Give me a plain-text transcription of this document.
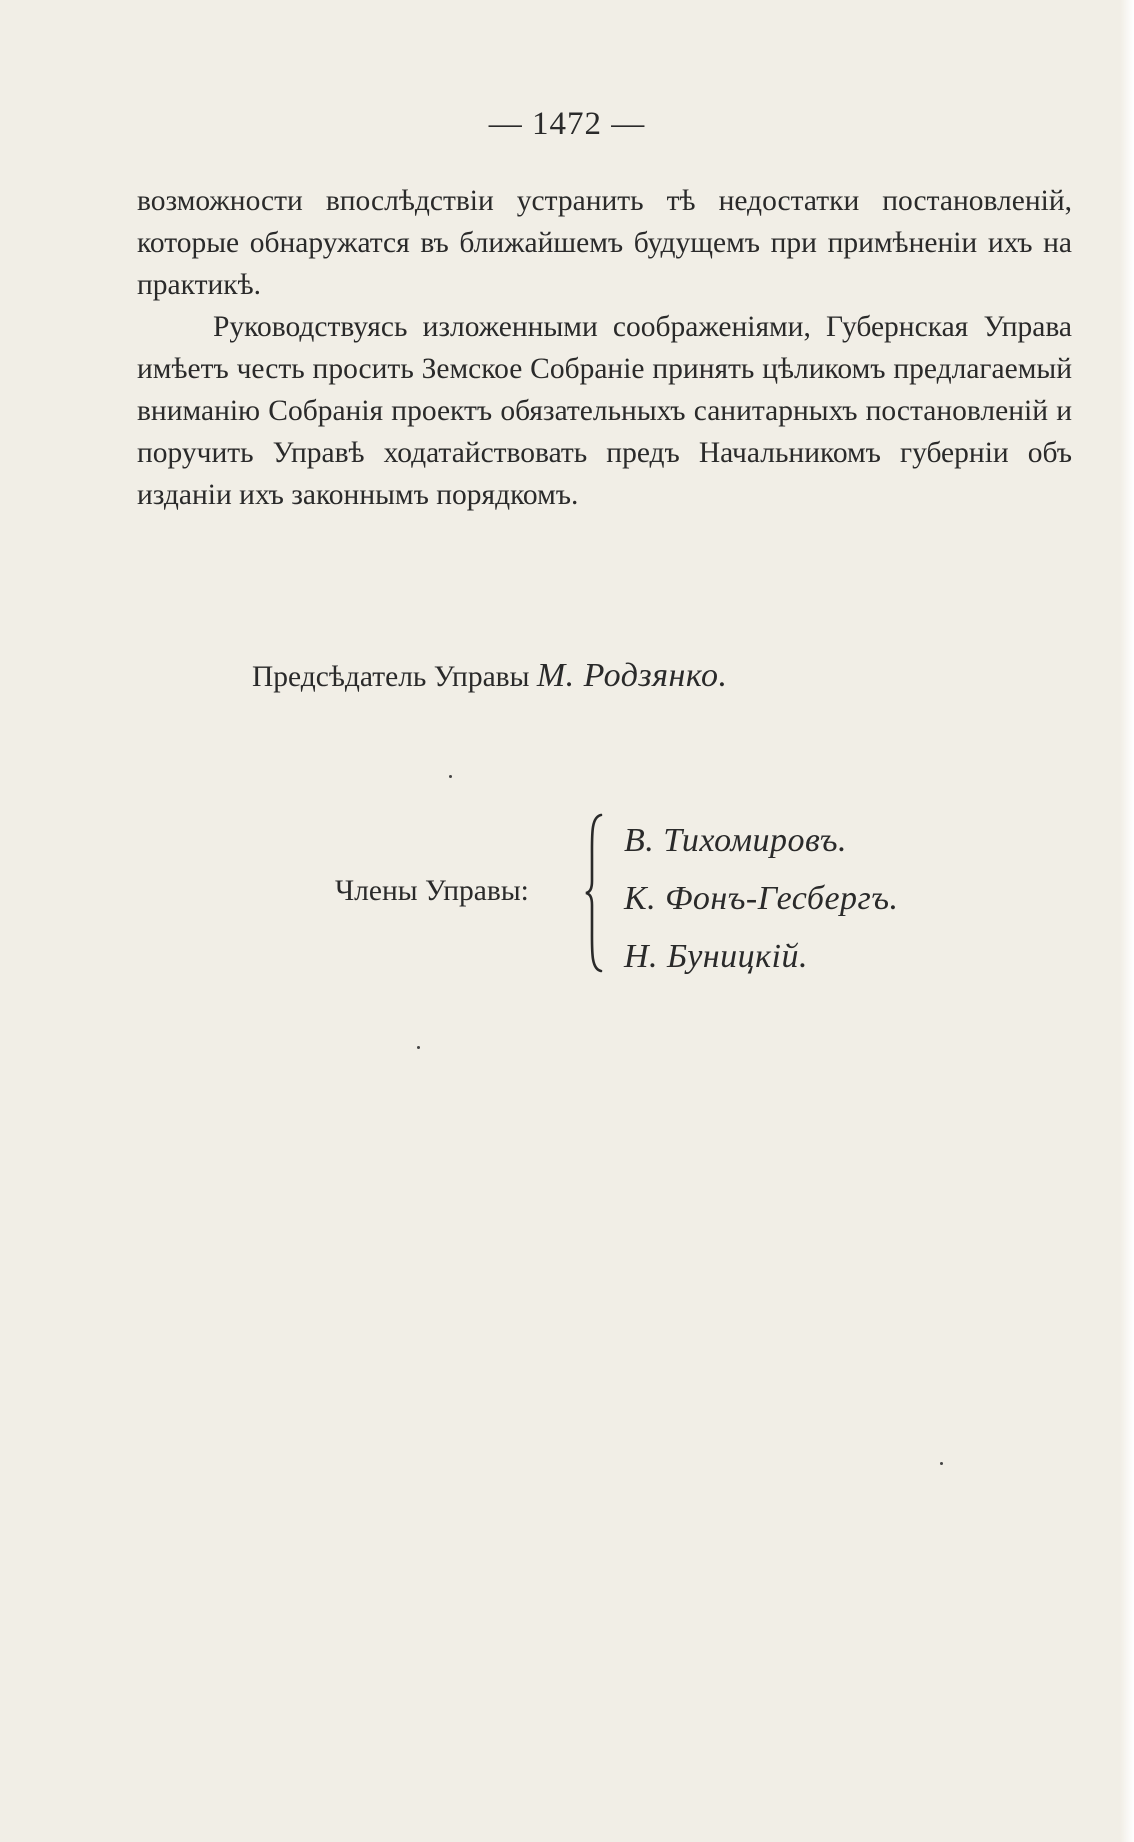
— 1472 —

возможности впослѣдствіи устранить тѣ недостатки постановленій, которые обнаружатся въ ближайшемъ будущемъ при примѣненіи ихъ на практикѣ.

Руководствуясь изложенными соображеніями, Губернская Управа имѣетъ честь просить Земское Собраніе принять цѣликомъ предлагаемый вниманію Собранія проектъ обязательныхъ санитарныхъ постановленій и поручить Управѣ ходатайствовать предъ Начальникомъ губерніи объ изданіи ихъ законнымъ порядкомъ.

Предсѣдатель Управы М. Родзянко.
Члены Управы:
В. Тихомировъ.
К. Фонъ-Гесбергъ.
Н. Буницкій.
